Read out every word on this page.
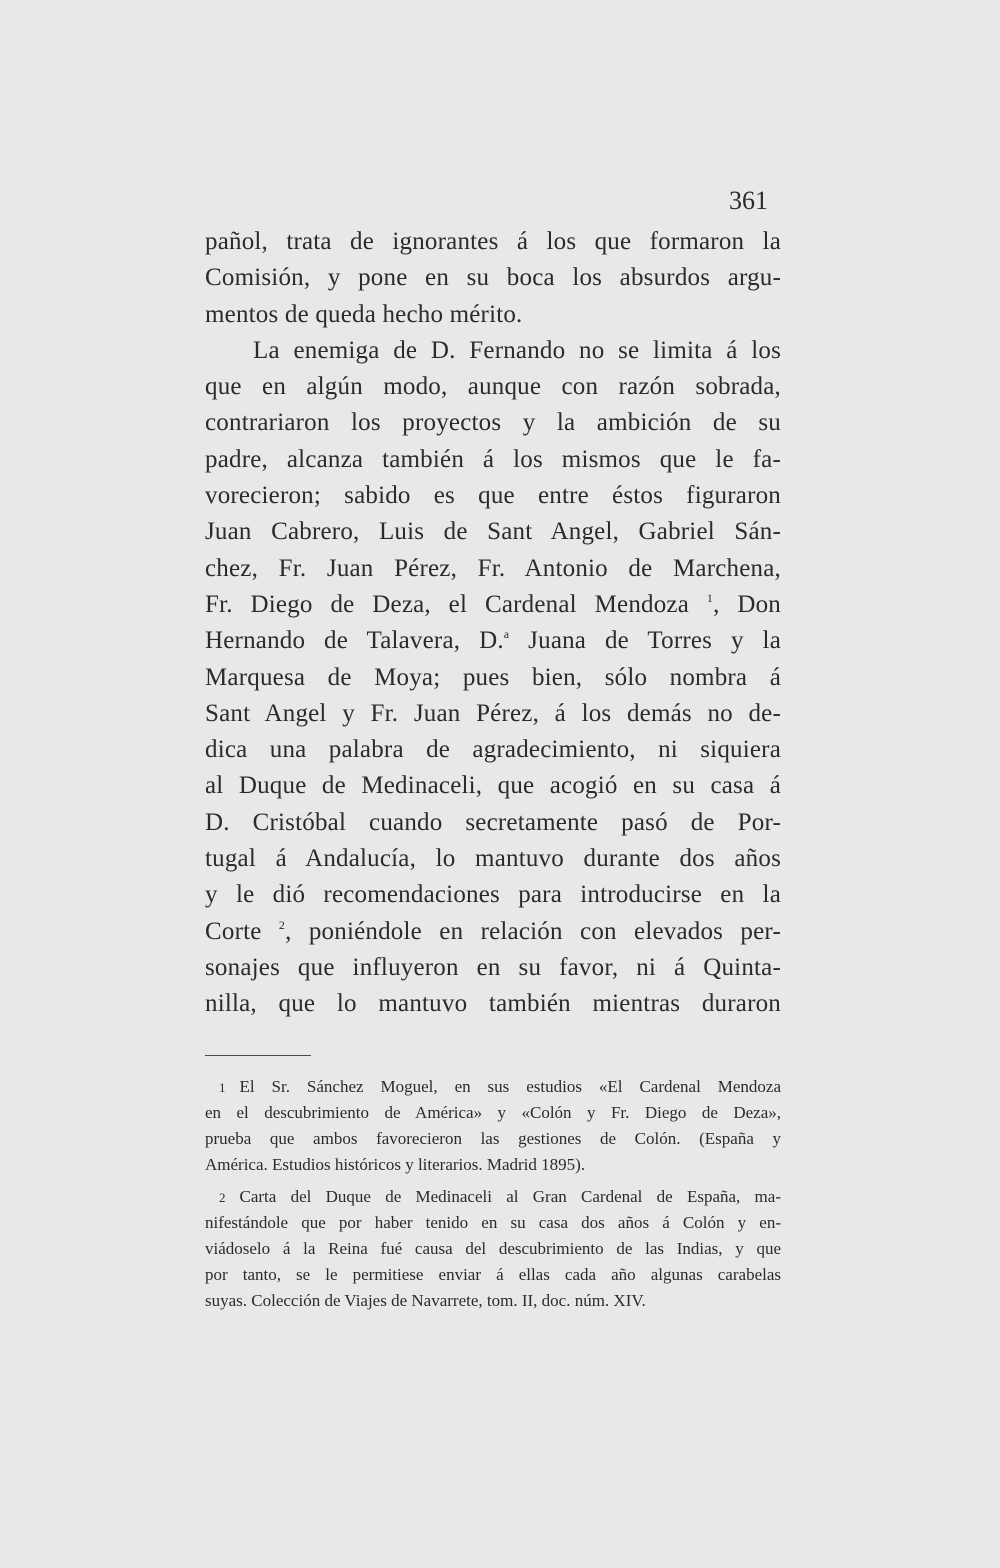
361
pañol, trata de ignorantes á los que formaron la
Comisión, y pone en su boca los absurdos argu-
mentos de queda hecho mérito.
La enemiga de D. Fernando no se limita á los
que en algún modo, aunque con razón sobrada,
contrariaron los proyectos y la ambición de su
padre, alcanza también á los mismos que le fa-
vorecieron; sabido es que entre éstos figuraron
Juan Cabrero, Luis de Sant Angel, Gabriel Sán-
chez, Fr. Juan Pérez, Fr. Antonio de Marchena,
Fr. Diego de Deza, el Cardenal Mendoza $^1$, Don
Hernando de Talavera, D.$^a$ Juana de Torres y la
Marquesa de Moya; pues bien, sólo nombra á
Sant Angel y Fr. Juan Pérez, á los demás no de-
dica una palabra de agradecimiento, ni siquiera
al Duque de Medinaceli, que acogió en su casa á
D. Cristóbal cuando secretamente pasó de Por-
tugal á Andalucía, lo mantuvo durante dos años
y le dió recomendaciones para introducirse en la
Corte $^2$, poniéndole en relación con elevados per-
sonajes que influyeron en su favor, ni á Quinta-
nilla, que lo mantuvo también mientras duraron
1 El Sr. Sánchez Moguel, en sus estudios «El Cardenal Mendoza
en el descubrimiento de América» y «Colón y Fr. Diego de Deza»,
prueba que ambos favorecieron las gestiones de Colón. (España y
América. Estudios históricos y literarios. Madrid 1895).
2 Carta del Duque de Medinaceli al Gran Cardenal de España, ma-
nifestándole que por haber tenido en su casa dos años á Colón y en-
viádoselo á la Reina fué causa del descubrimiento de las Indias, y que
por tanto, se le permitiese enviar á ellas cada año algunas carabelas
suyas. Colección de Viajes de Navarrete, tom. II, doc. núm. XIV.
